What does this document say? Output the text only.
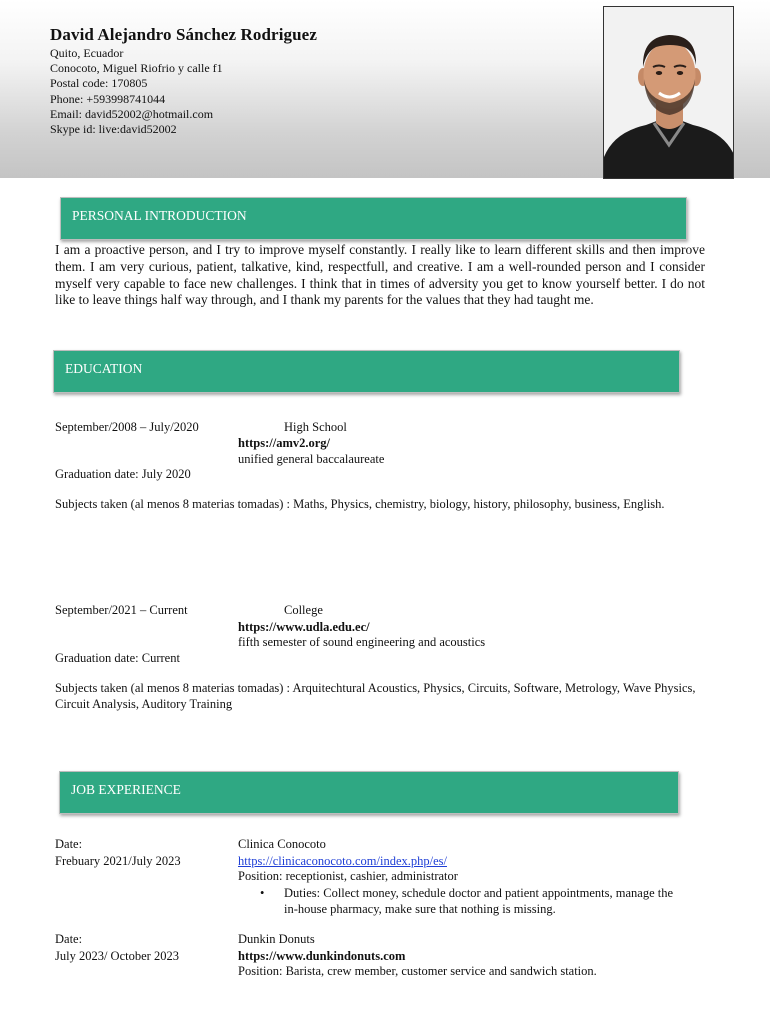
David Alejandro Sánchez Rodriguez
Quito, Ecuador
Conocoto, Miguel Riofrio y calle f1
Postal code: 170805
Phone: +593998741044
Email: david52002@hotmail.com
Skype id: live:david52002
PERSONAL INTRODUCTION
I am a proactive person, and I try to improve myself constantly. I really like to learn different skills and then improve them. I am very curious, patient, talkative, kind, respectfull, and creative. I am a well-rounded person and I consider myself very capable to face new challenges. I think that in times of adversity you get to know yourself better. I do not like to leave things half way through, and I thank my parents for the values that they had taught me.
EDUCATION
September/2008 – July/2020	High School
https://amv2.org/
unified general baccalaureate
Graduation date: July 2020
Subjects taken (al menos 8 materias tomadas) : Maths, Physics, chemistry, biology, history, philosophy, business, English.
September/2021 – Current	College
https://www.udla.edu.ec/
fifth semester of sound engineering and acoustics
Graduation date: Current
Subjects taken (al menos 8 materias tomadas) : Arquitechtural Acoustics, Physics, Circuits, Software, Metrology, Wave Physics, Circuit Analysis, Auditory Training
JOB EXPERIENCE
Date:
Frebuary 2021/July 2023
Clinica Conocoto
https://clinicaconocoto.com/index.php/es/
Position: receptionist, cashier, administrator
• Duties: Collect money, schedule doctor and patient appointments, manage the in-house pharmacy, make sure that nothing is missing.
Date:
July 2023/ October 2023
Dunkin Donuts
https://www.dunkindonuts.com
Position: Barista, crew member, customer service and sandwich station.
